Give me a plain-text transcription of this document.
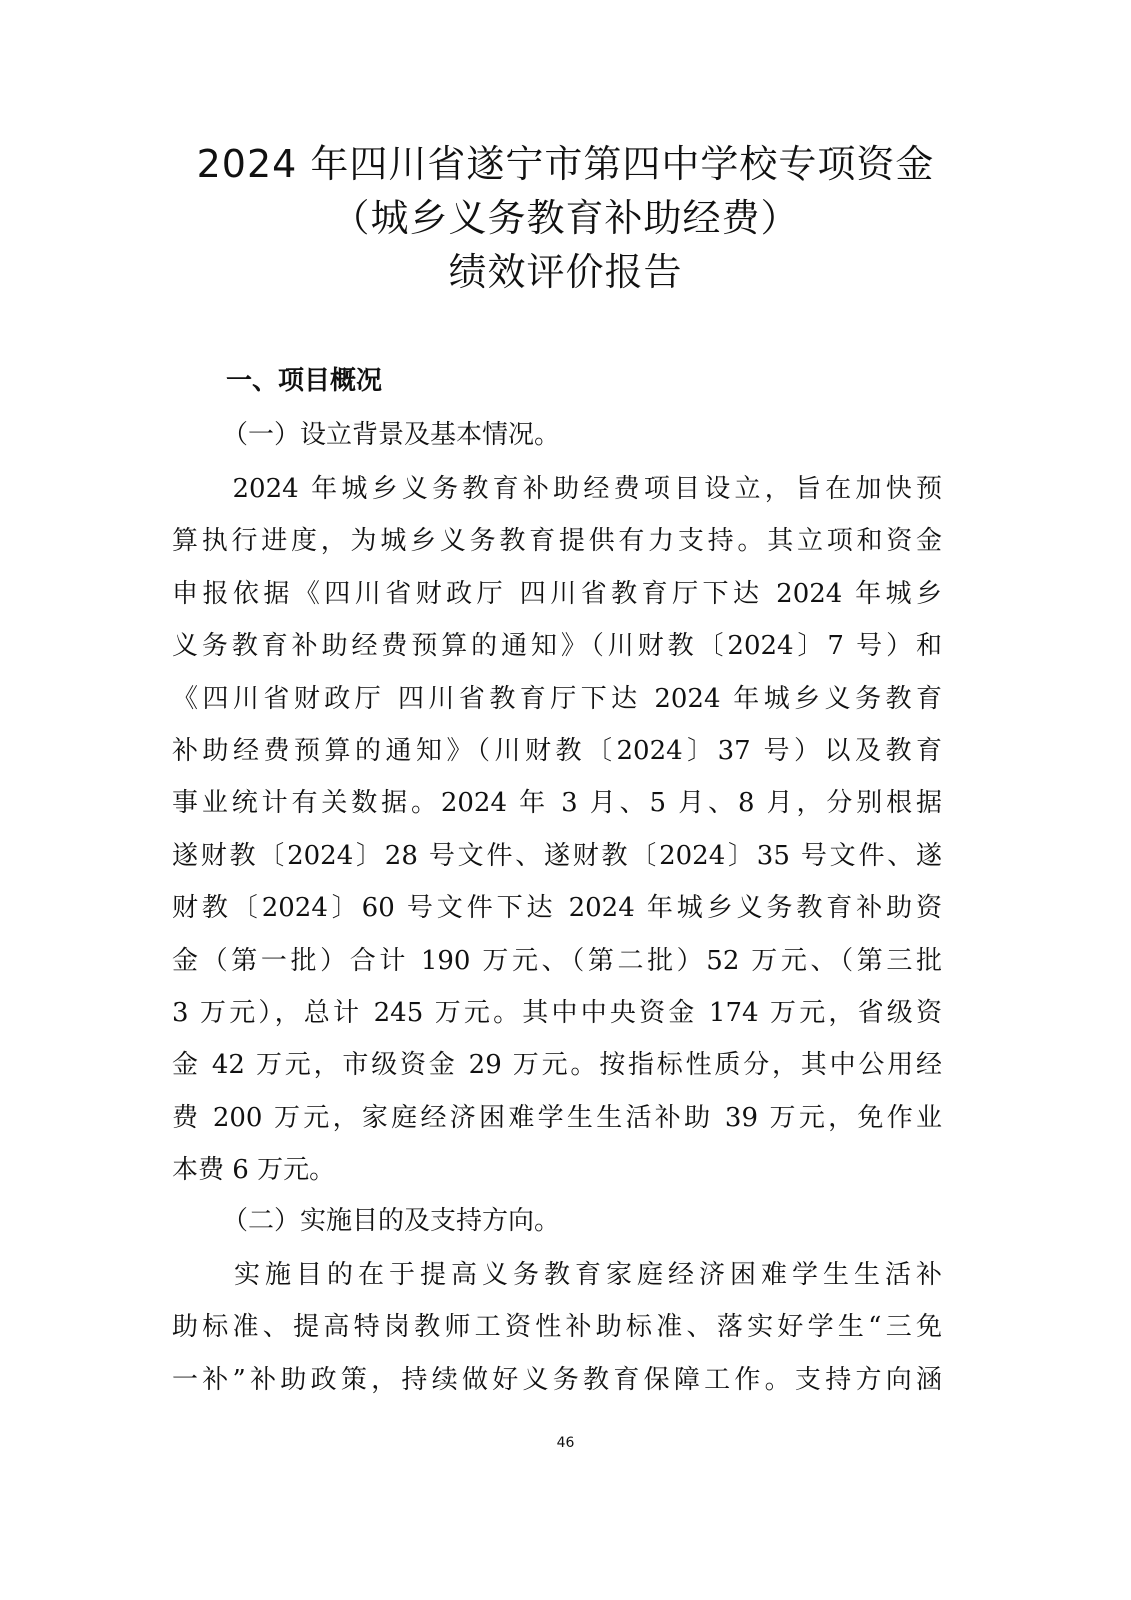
2024 年四川省遂宁市第四中学校专项资金
（城乡义务教育补助经费）
绩效评价报告
一、项目概况
（一）设立背景及基本情况。

　　2024 年城乡义务教育补助经费项目设立，旨在加快预
算执行进度，为城乡义务教育提供有力支持。其立项和资金
申报依据《四川省财政厅 四川省教育厅下达 2024 年城乡
义务教育补助经费预算的通知》（川财教〔2024〕7 号）和
《四川省财政厅 四川省教育厅下达 2024 年城乡义务教育
补助经费预算的通知》（川财教〔2024〕37 号）以及教育
事业统计有关数据。2024 年 3 月、5 月、8 月，分别根据
遂财教〔2024〕28 号文件、遂财教〔2024〕35 号文件、遂
财教〔2024〕60 号文件下达 2024 年城乡义务教育补助资
金（第一批）合计 190 万元、（第二批）52 万元、（第三批
3 万元），总计 245 万元。其中中央资金 174 万元，省级资
金 42 万元，市级资金 29 万元。按指标性质分，其中公用经
费 200 万元，家庭经济困难学生生活补助 39 万元，免作业
本费 6 万元。

（二）实施目的及支持方向。

　　实施目的在于提高义务教育家庭经济困难学生生活补
助标准、提高特岗教师工资性补助标准、落实好学生“三免
一补”补助政策，持续做好义务教育保障工作。支持方向涵

46
